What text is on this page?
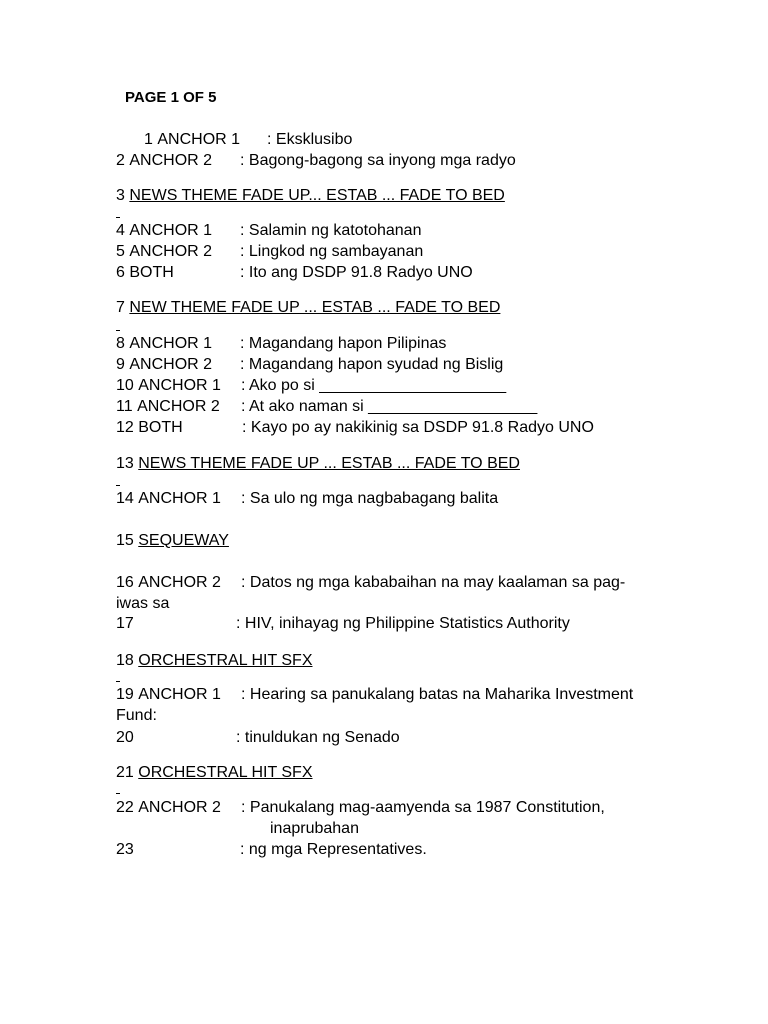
PAGE 1 OF 5
1 ANCHOR 1 : Eksklusibo
2 ANCHOR 2 : Bagong-bagong sa inyong mga radyo
3 NEWS THEME FADE UP... ESTAB ... FADE TO BED
4 ANCHOR 1 : Salamin ng katotohanan
5 ANCHOR 2 : Lingkod ng sambayanan
6 BOTH	: Ito ang DSDP 91.8 Radyo UNO
7 NEW THEME FADE UP ... ESTAB ... FADE TO BED
8 ANCHOR 1 : Magandang hapon Pilipinas
9 ANCHOR 2 : Magandang hapon syudad ng Bislig
10 ANCHOR 1 : Ako po si _____________________
11 ANCHOR 2 : At ako naman si ___________________
12 BOTH	: Kayo po ay nakikinig sa DSDP 91.8 Radyo UNO
13 NEWS THEME FADE UP ... ESTAB ... FADE TO BED
14 ANCHOR 1 : Sa ulo ng mga nagbabagang balita
15 SEQUEWAY
16 ANCHOR 2 : Datos ng mga kababaihan na may kaalaman sa pag-
iwas sa
17	: HIV, inihayag ng Philippine Statistics Authority
18 ORCHESTRAL HIT SFX
19 ANCHOR 1 : Hearing sa panukalang batas na Maharika Investment
Fund:
20	: tinuldukan ng Senado
21 ORCHESTRAL HIT SFX
22 ANCHOR 2 : Panukalang mag-aamyenda sa 1987 Constitution,
inaprubahan
23	: ng mga Representatives.
